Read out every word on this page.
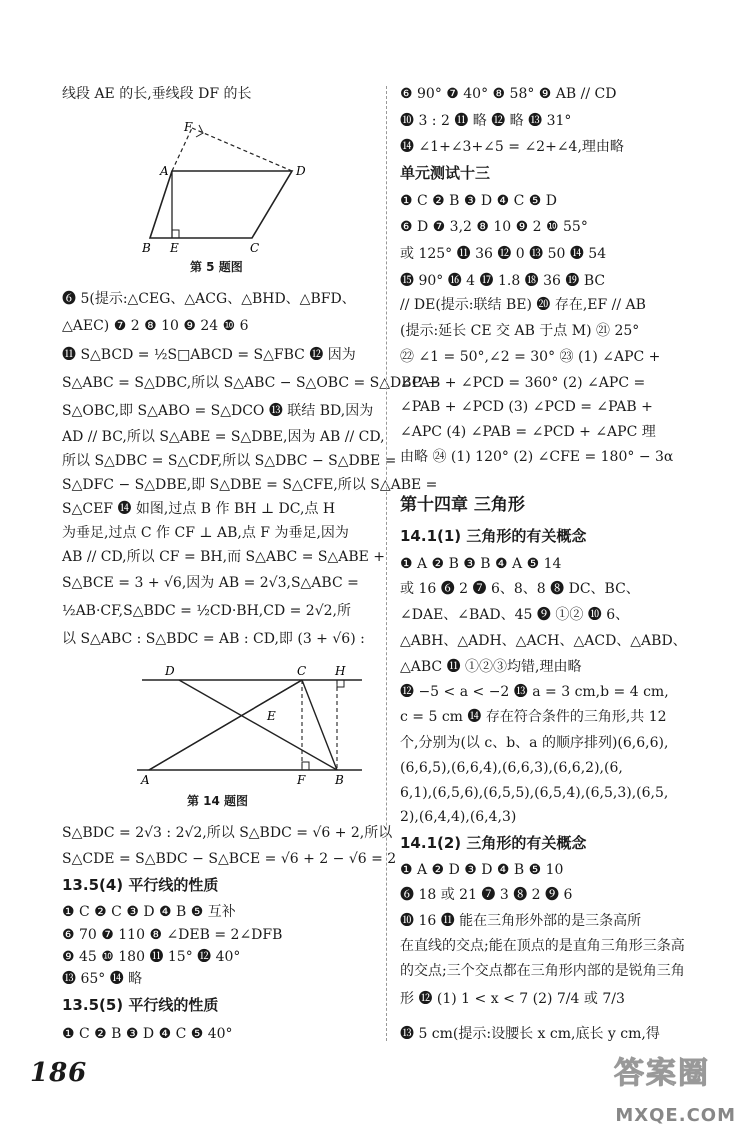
线段 AE 的长,垂线段 DF 的长
F
A	D
B E	C
第 5 题图
❻ 5(提示:△CEG、△ACG、△BHD、△BFD、
△AEC) ❼ 2 ❽ 10 ❾ 24 ❿ 6
⓫ S△BCD = ½S□ABCD = S△FBC ⓬ 因为
S△ABC = S△DBC,所以 S△ABC − S△OBC = S△DBC −
S△OBC,即 S△ABO = S△DCO ⓭ 联结 BD,因为
AD // BC,所以 S△ABE = S△DBE,因为 AB // CD,
所以 S△DBC = S△CDF,所以 S△DBC − S△DBE =
S△DFC − S△DBE,即 S△DBE = S△CFE,所以 S△ABE =
S△CEF ⓮ 如图,过点 B 作 BH ⊥ DC,点 H
为垂足,过点 C 作 CF ⊥ AB,点 F 为垂足,因为
AB // CD,所以 CF = BH,而 S△ABC = S△ABE +
S△BCE = 3 + √6,因为 AB = 2√3,S△ABC =
½AB·CF,S△BDC = ½CD·BH,CD = 2√2,所
以 S△ABC : S△BDC = AB : CD,即 (3 + √6) :
D	C H
E
A	F B
第 14 题图
S△BDC = 2√3 : 2√2,所以 S△BDC = √6 + 2,所以
S△CDE = S△BDC − S△BCE = √6 + 2 − √6 = 2
13.5(4) 平行线的性质
❶ C ❷ C ❸ D ❹ B ❺ 互补
❻ 70 ❼ 110 ❽ ∠DEB = 2∠DFB
❾ 45 ❿ 180 ⓫ 15° ⓬ 40°
⓭ 65° ⓮ 略
13.5(5) 平行线的性质
❶ C ❷ B ❸ D ❹ C ❺ 40°
❻ 90° ❼ 40° ❽ 58° ❾ AB // CD
❿ 3 : 2 ⓫ 略 ⓬ 略 ⓭ 31°
⓮ ∠1+∠3+∠5 = ∠2+∠4,理由略
单元测试十三
❶ C ❷ B ❸ D ❹ C ❺ D
❻ D ❼ 3,2 ❽ 10 ❾ 2 ❿ 55°
或 125° ⓫ 36 ⓬ 0 ⓭ 50 ⓮ 54
⓯ 90° ⓰ 4 ⓱ 1.8 ⓲ 36 ⓳ BC
// DE(提示:联结 BE) ⓴ 存在,EF // AB
(提示:延长 CE 交 AB 于点 M) ㉑ 25°
㉒ ∠1 = 50°,∠2 = 30° ㉓ (1) ∠APC +
∠PAB + ∠PCD = 360° (2) ∠APC =
∠PAB + ∠PCD (3) ∠PCD = ∠PAB +
∠APC (4) ∠PAB = ∠PCD + ∠APC 理
由略 ㉔ (1) 120° (2) ∠CFE = 180° − 3α
第十四章 三角形
14.1(1) 三角形的有关概念
❶ A ❷ B ❸ B ❹ A ❺ 14
或 16 ❻ 2 ❼ 6、8、8 ❽ DC、BC、
∠DAE、∠BAD、45 ❾ ①② ❿ 6、
△ABH、△ADH、△ACH、△ACD、△ABD、
△ABC ⓫ ①②③均错,理由略
⓬ −5 < a < −2 ⓭ a = 3 cm,b = 4 cm,
c = 5 cm ⓮ 存在符合条件的三角形,共 12
个,分别为(以 c、b、a 的顺序排列)(6,6,6),
(6,6,5),(6,6,4),(6,6,3),(6,6,2),(6,
6,1),(6,5,6),(6,5,5),(6,5,4),(6,5,3),(6,5,
2),(6,4,4),(6,4,3)
14.1(2) 三角形的有关概念
❶ A ❷ D ❸ D ❹ B ❺ 10
❻ 18 或 21 ❼ 3 ❽ 2 ❾ 6
❿ 16 ⓫ 能在三角形外部的是三条高所
在直线的交点;能在顶点的是直角三角形三条高
的交点;三个交点都在三角形内部的是锐角三角
形 ⓬ (1) 1 < x < 7 (2) 7/4 或 7/3
⓭ 5 cm(提示:设腰长 x cm,底长 y cm,得
186	答案圈
MXQE.COM
